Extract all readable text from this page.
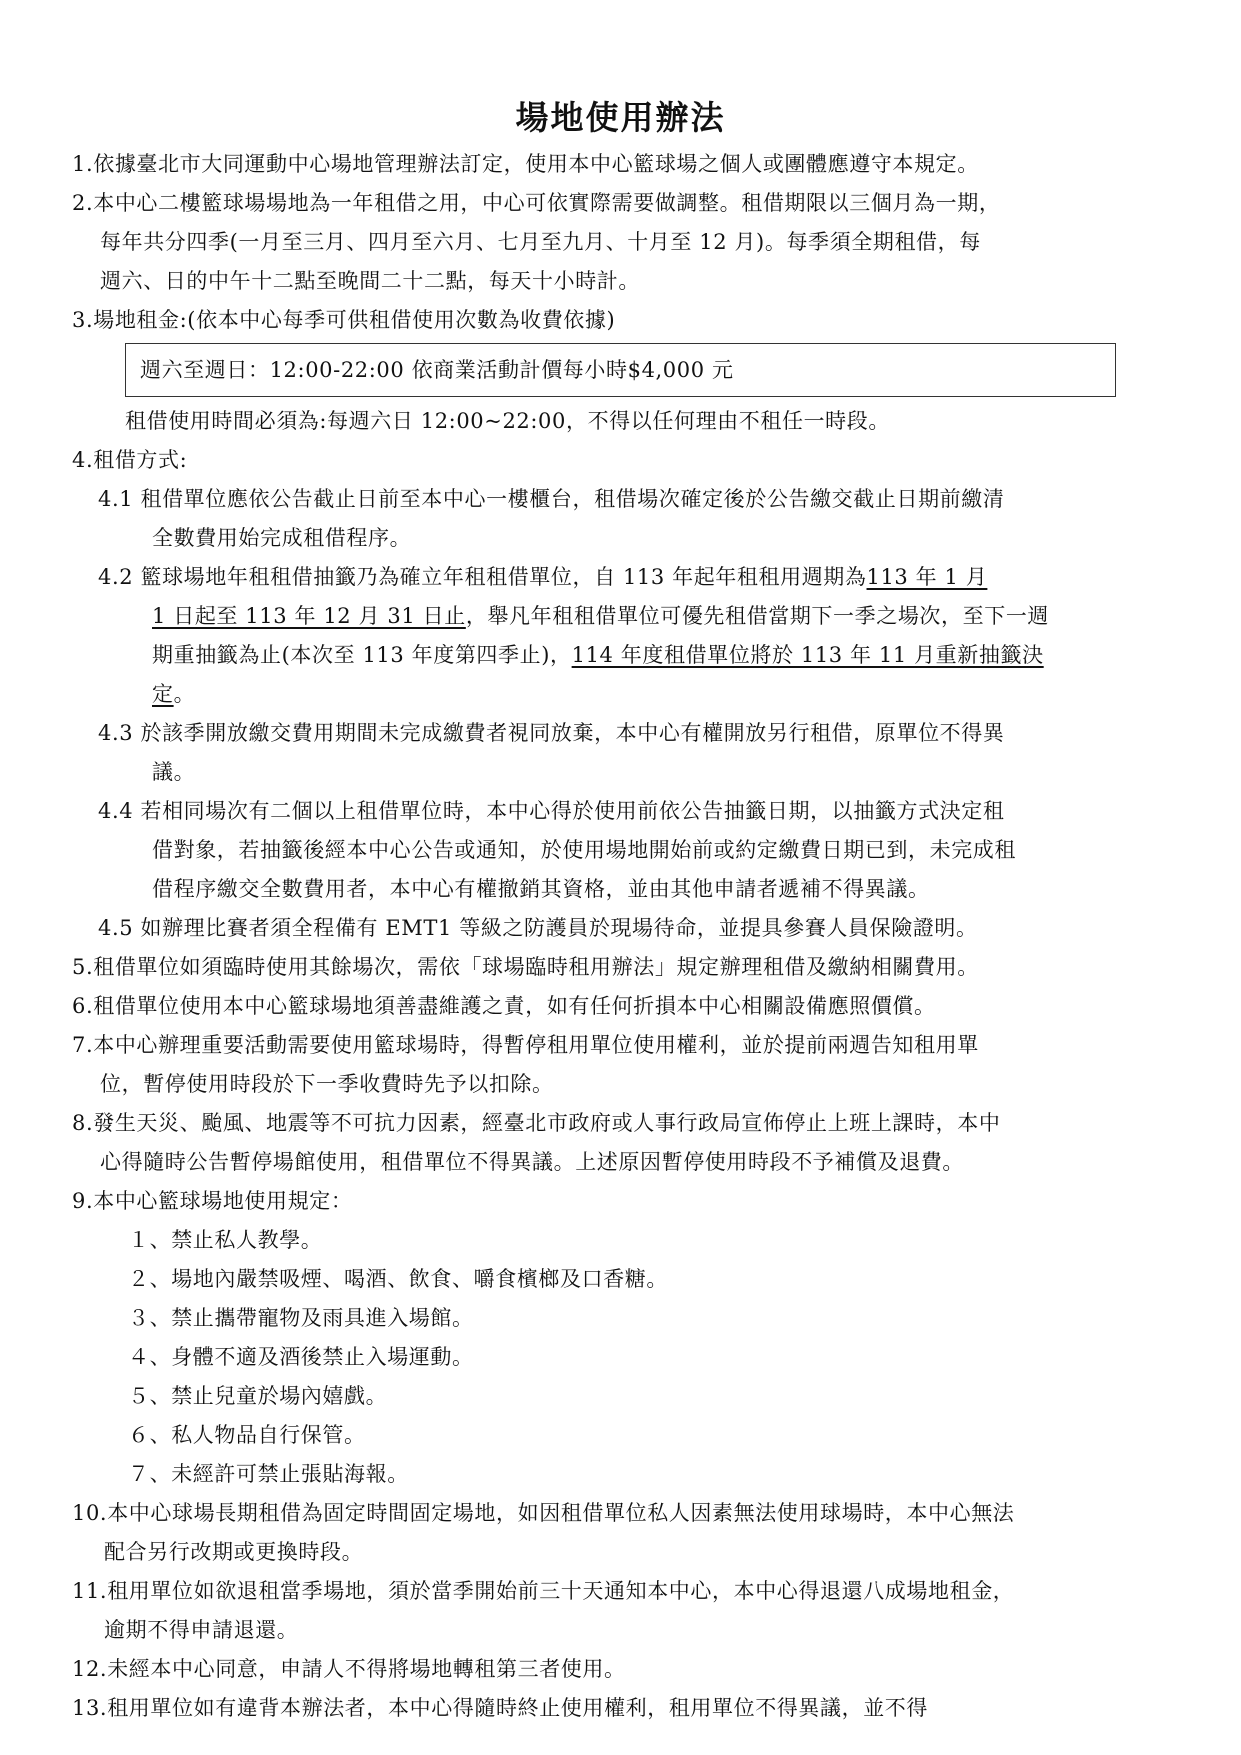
場地使用辦法
1.依據臺北市大同運動中心場地管理辦法訂定，使用本中心籃球場之個人或團體應遵守本規定。
2.本中心二樓籃球場場地為一年租借之用，中心可依實際需要做調整。租借期限以三個月為一期，
每年共分四季(一月至三月、四月至六月、七月至九月、十月至 12 月)。每季須全期租借，每
週六、日的中午十二點至晚間二十二點，每天十小時計。
3.場地租金:(依本中心每季可供租借使用次數為收費依據)
週六至週日：12:00-22:00 依商業活動計價每小時$4,000 元
租借使用時間必須為:每週六日 12:00~22:00，不得以任何理由不租任一時段。
4.租借方式:
4.1 租借單位應依公告截止日前至本中心一樓櫃台，租借場次確定後於公告繳交截止日期前繳清
全數費用始完成租借程序。
4.2 籃球場地年租租借抽籤乃為確立年租租借單位，自 113 年起年租租用週期為113 年 1 月
1 日起至 113 年 12 月 31 日止，舉凡年租租借單位可優先租借當期下一季之場次，至下一週
期重抽籤為止(本次至 113 年度第四季止)，114 年度租借單位將於 113 年 11 月重新抽籤決
定。
4.3 於該季開放繳交費用期間未完成繳費者視同放棄，本中心有權開放另行租借，原單位不得異
議。
4.4 若相同場次有二個以上租借單位時，本中心得於使用前依公告抽籤日期，以抽籤方式決定租
借對象，若抽籤後經本中心公告或通知，於使用場地開始前或約定繳費日期已到，未完成租
借程序繳交全數費用者，本中心有權撤銷其資格，並由其他申請者遞補不得異議。
4.5 如辦理比賽者須全程備有 EMT1 等級之防護員於現場待命，並提具參賽人員保險證明。
5.租借單位如須臨時使用其餘場次，需依「球場臨時租用辦法」規定辦理租借及繳納相關費用。
6.租借單位使用本中心籃球場地須善盡維護之責，如有任何折損本中心相關設備應照價償。
7.本中心辦理重要活動需要使用籃球場時，得暫停租用單位使用權利，並於提前兩週告知租用單
位，暫停使用時段於下一季收費時先予以扣除。
8.發生天災、颱風、地震等不可抗力因素，經臺北市政府或人事行政局宣佈停止上班上課時，本中
心得隨時公告暫停場館使用，租借單位不得異議。上述原因暫停使用時段不予補償及退費。
9.本中心籃球場地使用規定：
１、禁止私人教學。
２、場地內嚴禁吸煙、喝酒、飲食、嚼食檳榔及口香糖。
３、禁止攜帶寵物及雨具進入場館。
４、身體不適及酒後禁止入場運動。
５、禁止兒童於場內嬉戲。
６、私人物品自行保管。
７、未經許可禁止張貼海報。
10.本中心球場長期租借為固定時間固定場地，如因租借單位私人因素無法使用球場時，本中心無法
配合另行改期或更換時段。
11.租用單位如欲退租當季場地，須於當季開始前三十天通知本中心，本中心得退還八成場地租金，
逾期不得申請退還。
12.未經本中心同意，申請人不得將場地轉租第三者使用。
13.租用單位如有違背本辦法者，本中心得隨時終止使用權利，租用單位不得異議，並不得
